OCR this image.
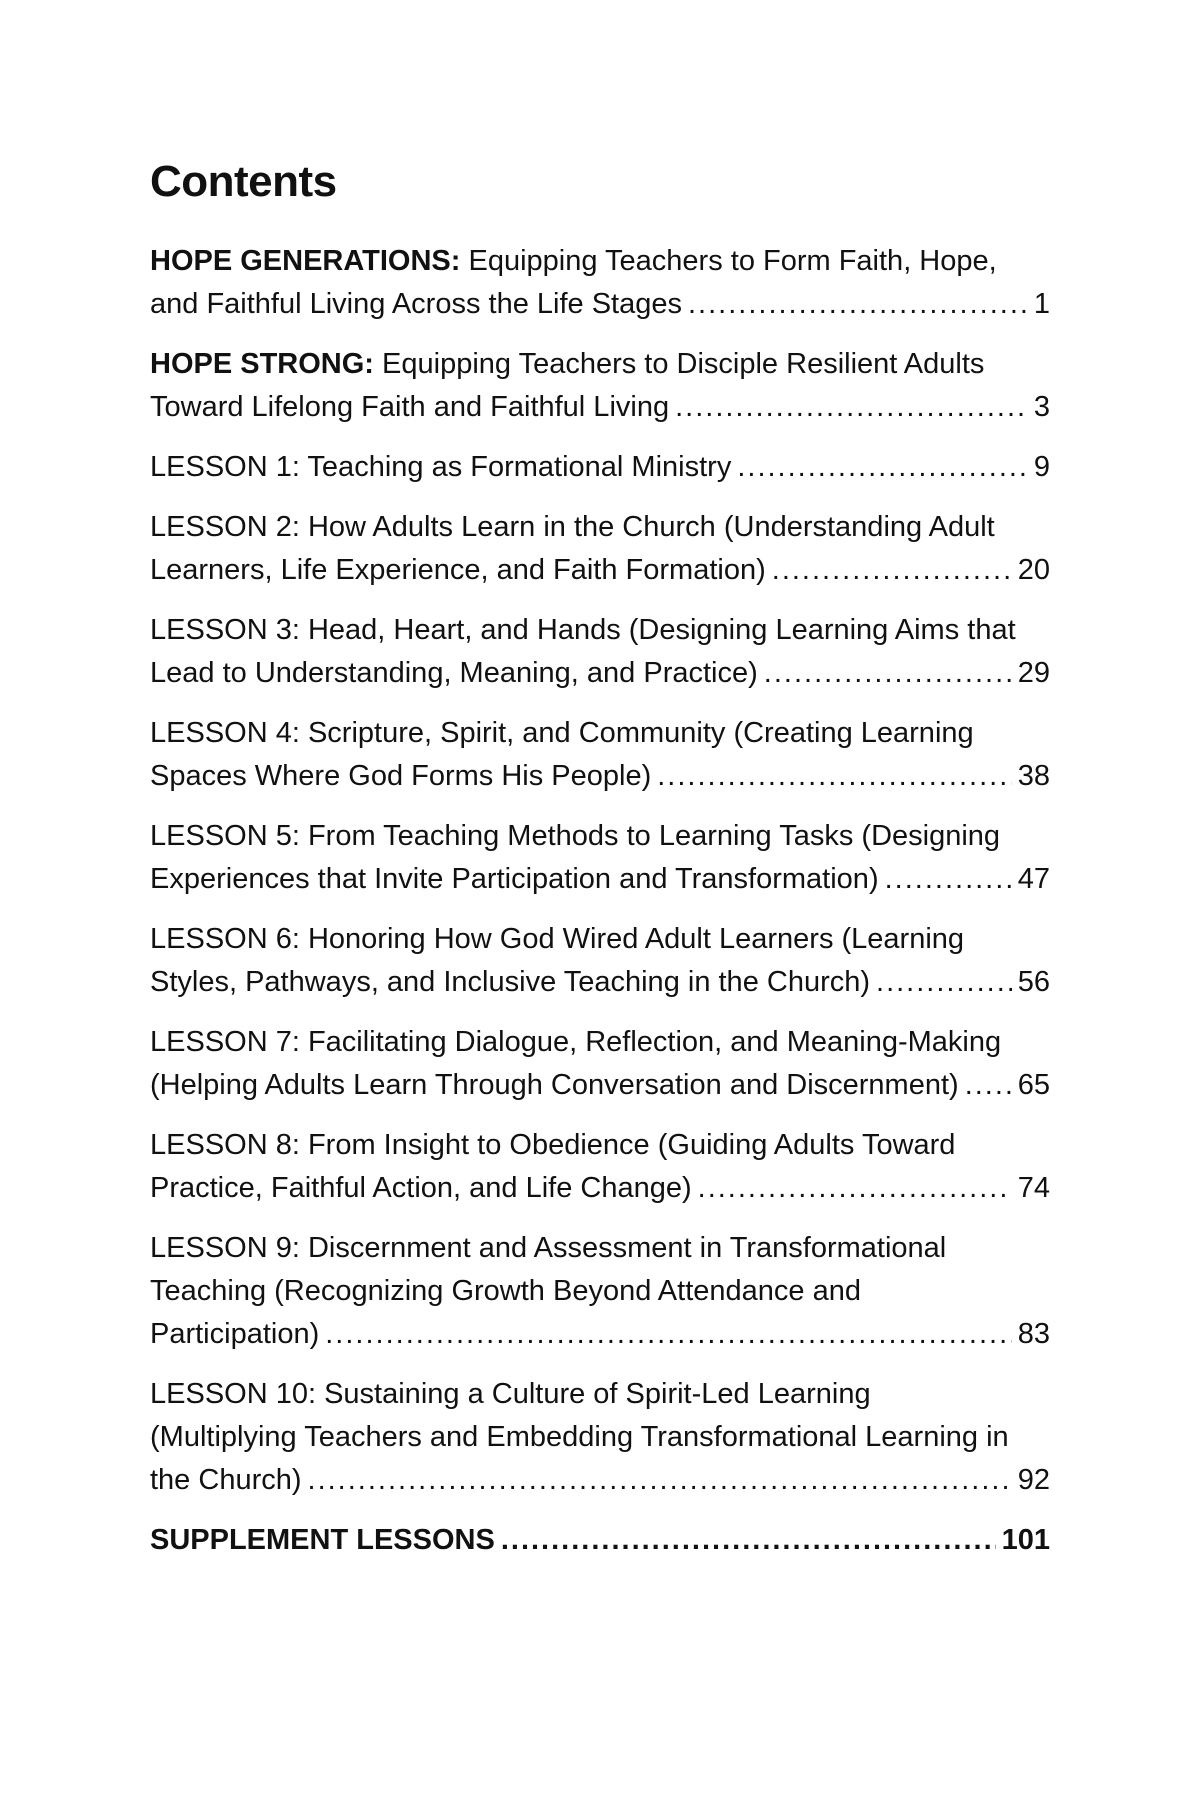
Contents
HOPE GENERATIONS: Equipping Teachers to Form Faith, Hope,
and Faithful Living Across the Life Stages .....	1
HOPE STRONG: Equipping Teachers to Disciple Resilient Adults
Toward Lifelong Faith and Faithful Living .....	3
LESSON 1: Teaching as Formational Ministry .....	9
LESSON 2: How Adults Learn in the Church (Understanding Adult
Learners, Life Experience, and Faith Formation) .....	20
LESSON 3: Head, Heart, and Hands (Designing Learning Aims that
Lead to Understanding, Meaning, and Practice) .....	29
LESSON 4: Scripture, Spirit, and Community (Creating Learning
Spaces Where God Forms His People) .....	38
LESSON 5: From Teaching Methods to Learning Tasks (Designing
Experiences that Invite Participation and Transformation) .....	47
LESSON 6: Honoring How God Wired Adult Learners (Learning
Styles, Pathways, and Inclusive Teaching in the Church) .....	56
LESSON 7: Facilitating Dialogue, Reflection, and Meaning-Making
(Helping Adults Learn Through Conversation and Discernment) ..... 65
LESSON 8: From Insight to Obedience (Guiding Adults Toward
Practice, Faithful Action, and Life Change) .....	74
LESSON 9: Discernment and Assessment in Transformational
Teaching (Recognizing Growth Beyond Attendance and
Participation) .....	83
LESSON 10: Sustaining a Culture of Spirit-Led Learning
(Multiplying Teachers and Embedding Transformational Learning in
the Church) .....	92
SUPPLEMENT LESSONS .....	101
